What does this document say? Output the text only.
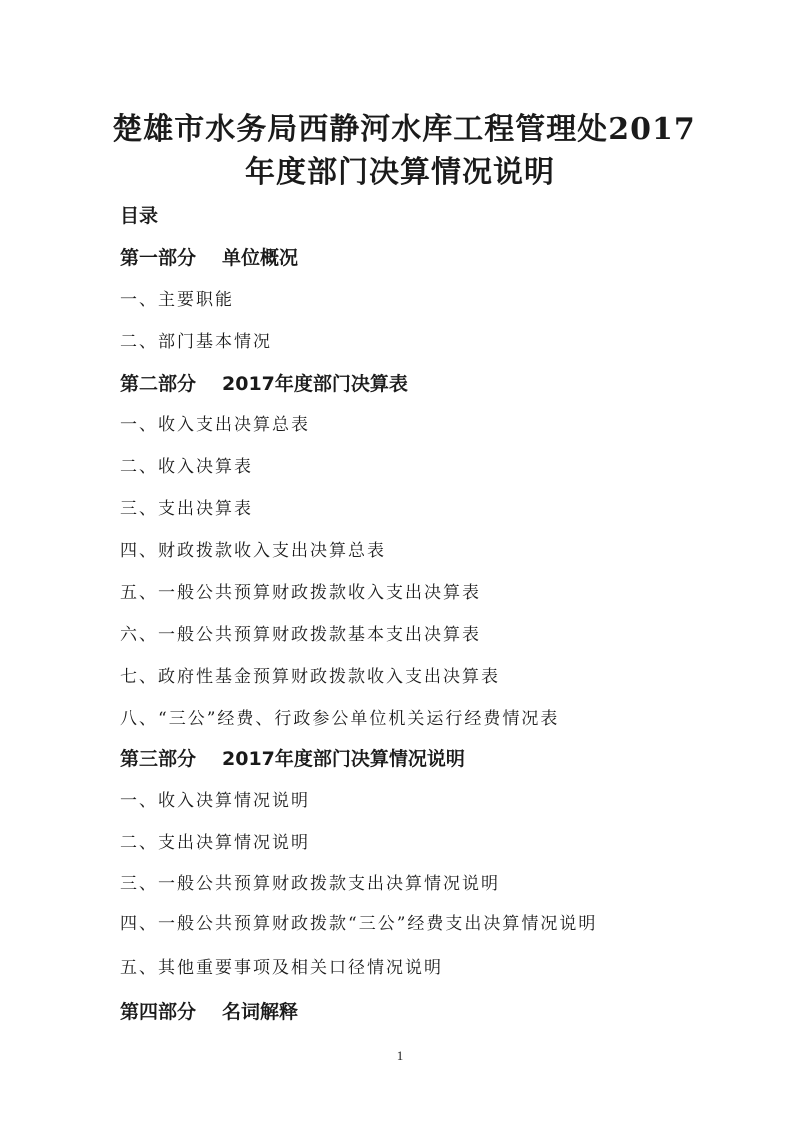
楚雄市水务局西静河水库工程管理处2017
年度部门决算情况说明

目录

第一部分 单位概况

一、主要职能

二、部门基本情况

第二部分 2017年度部门决算表

一、收入支出决算总表

二、收入决算表

三、支出决算表

四、财政拨款收入支出决算总表

五、一般公共预算财政拨款收入支出决算表

六、一般公共预算财政拨款基本支出决算表

七、政府性基金预算财政拨款收入支出决算表

八、“三公”经费、行政参公单位机关运行经费情况表

第三部分 2017年度部门决算情况说明

一、收入决算情况说明

二、支出决算情况说明

三、一般公共预算财政拨款支出决算情况说明

四、一般公共预算财政拨款“三公”经费支出决算情况说明

五、其他重要事项及相关口径情况说明

第四部分 名词解释

1
